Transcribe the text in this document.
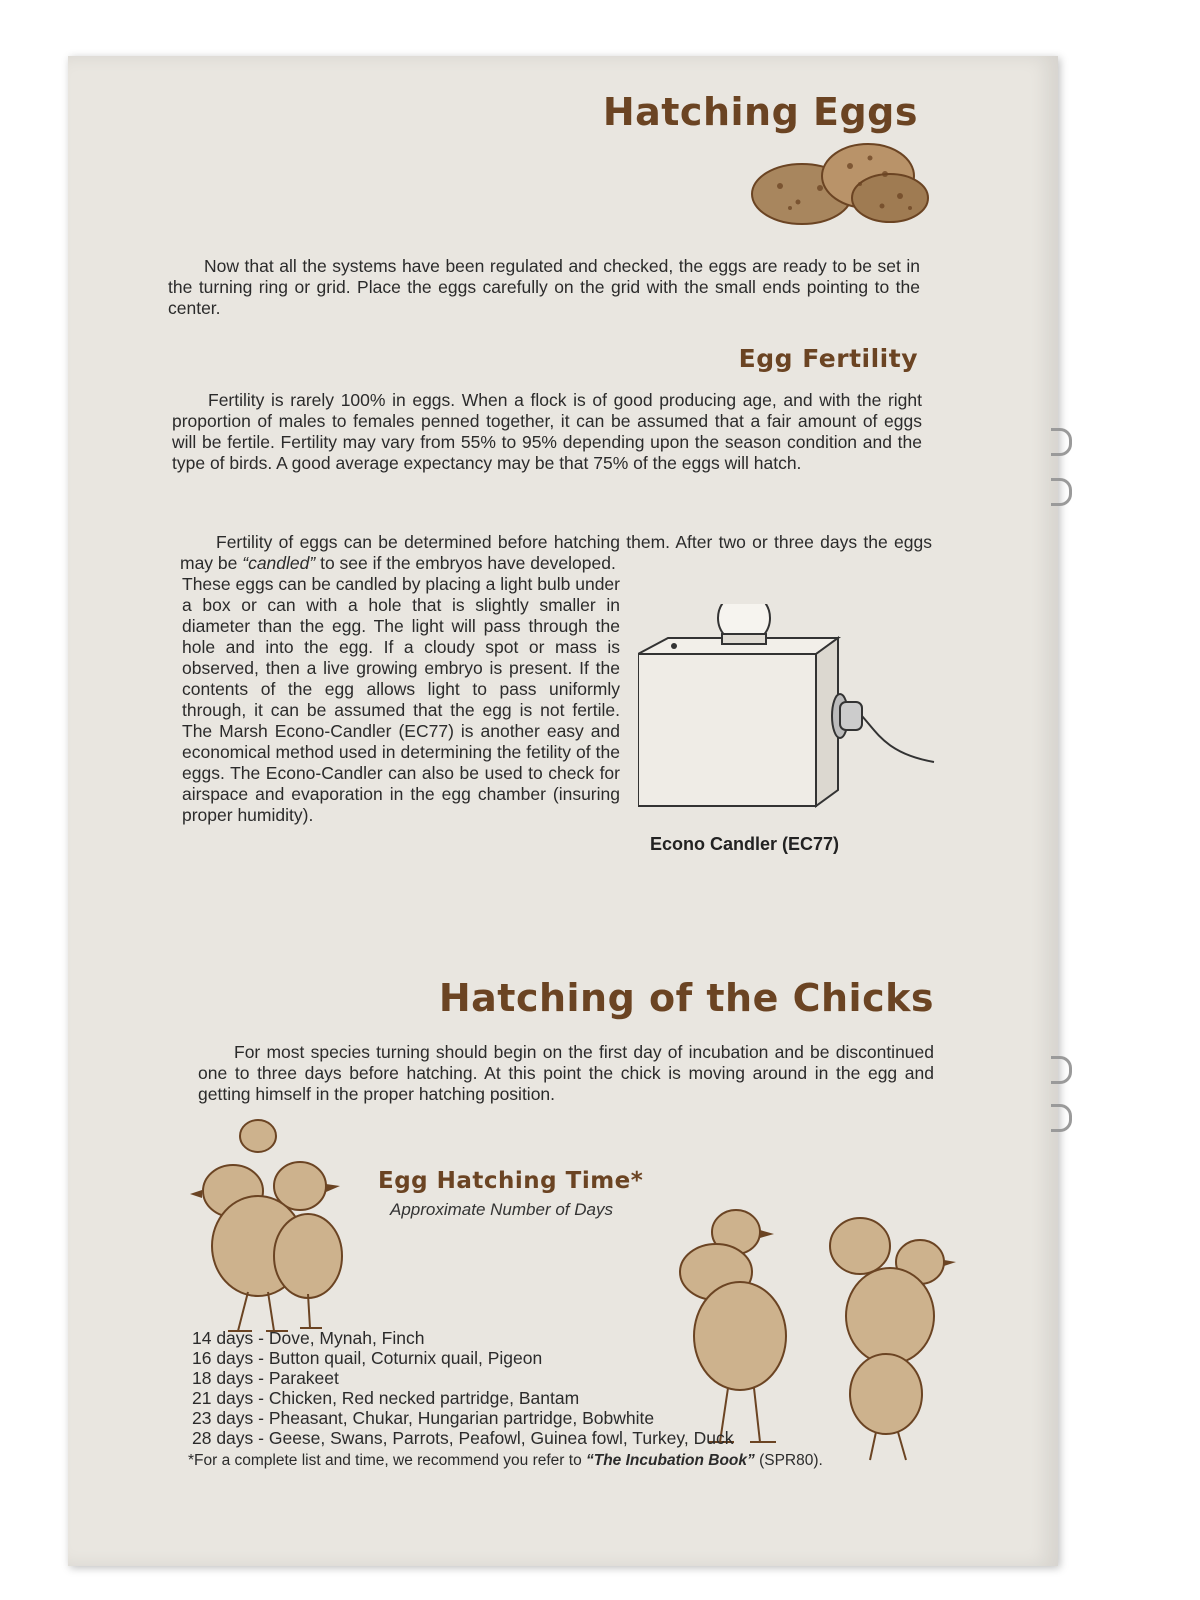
Hatching Eggs

Now that all the systems have been regulated and checked, the eggs are ready to be set in the turning ring or grid. Place the eggs carefully on the grid with the small ends pointing to the center.

Egg Fertility

Fertility is rarely 100% in eggs. When a flock is of good producing age, and with the right proportion of males to females penned together, it can be assumed that a fair amount of eggs will be fertile. Fertility may vary from 55% to 95% depending upon the season condition and the type of birds. A good average expectancy may be that 75% of the eggs will hatch.

Fertility of eggs can be determined before hatching them. After two or three days the eggs may be “candled” to see if the embryos have developed.

These eggs can be candled by placing a light bulb under a box or can with a hole that is slightly smaller in diameter than the egg. The light will pass through the hole and into the egg. If a cloudy spot or mass is observed, then a live growing embryo is present. If the contents of the egg allows light to pass uniformly through, it can be assumed that the egg is not fertile. The Marsh Econo-Candler (EC77) is another easy and economical method used in determining the fetility of the eggs. The Econo-Candler can also be used to check for airspace and evaporation in the egg chamber (insuring proper humidity).

Econo Candler (EC77)

Hatching of the Chicks

For most species turning should begin on the first day of incubation and be discontinued one to three days before hatching. At this point the chick is moving around in the egg and getting himself in the proper hatching position.

Egg Hatching Time*

Approximate Number of Days

14 days - Dove, Mynah, Finch
16 days - Button quail, Coturnix quail, Pigeon
18 days - Parakeet
21 days - Chicken, Red necked partridge, Bantam
23 days - Pheasant, Chukar, Hungarian partridge, Bobwhite
28 days - Geese, Swans, Parrots, Peafowl, Guinea fowl, Turkey, Duck

*For a complete list and time, we recommend you refer to “The Incubation Book” (SPR80).
